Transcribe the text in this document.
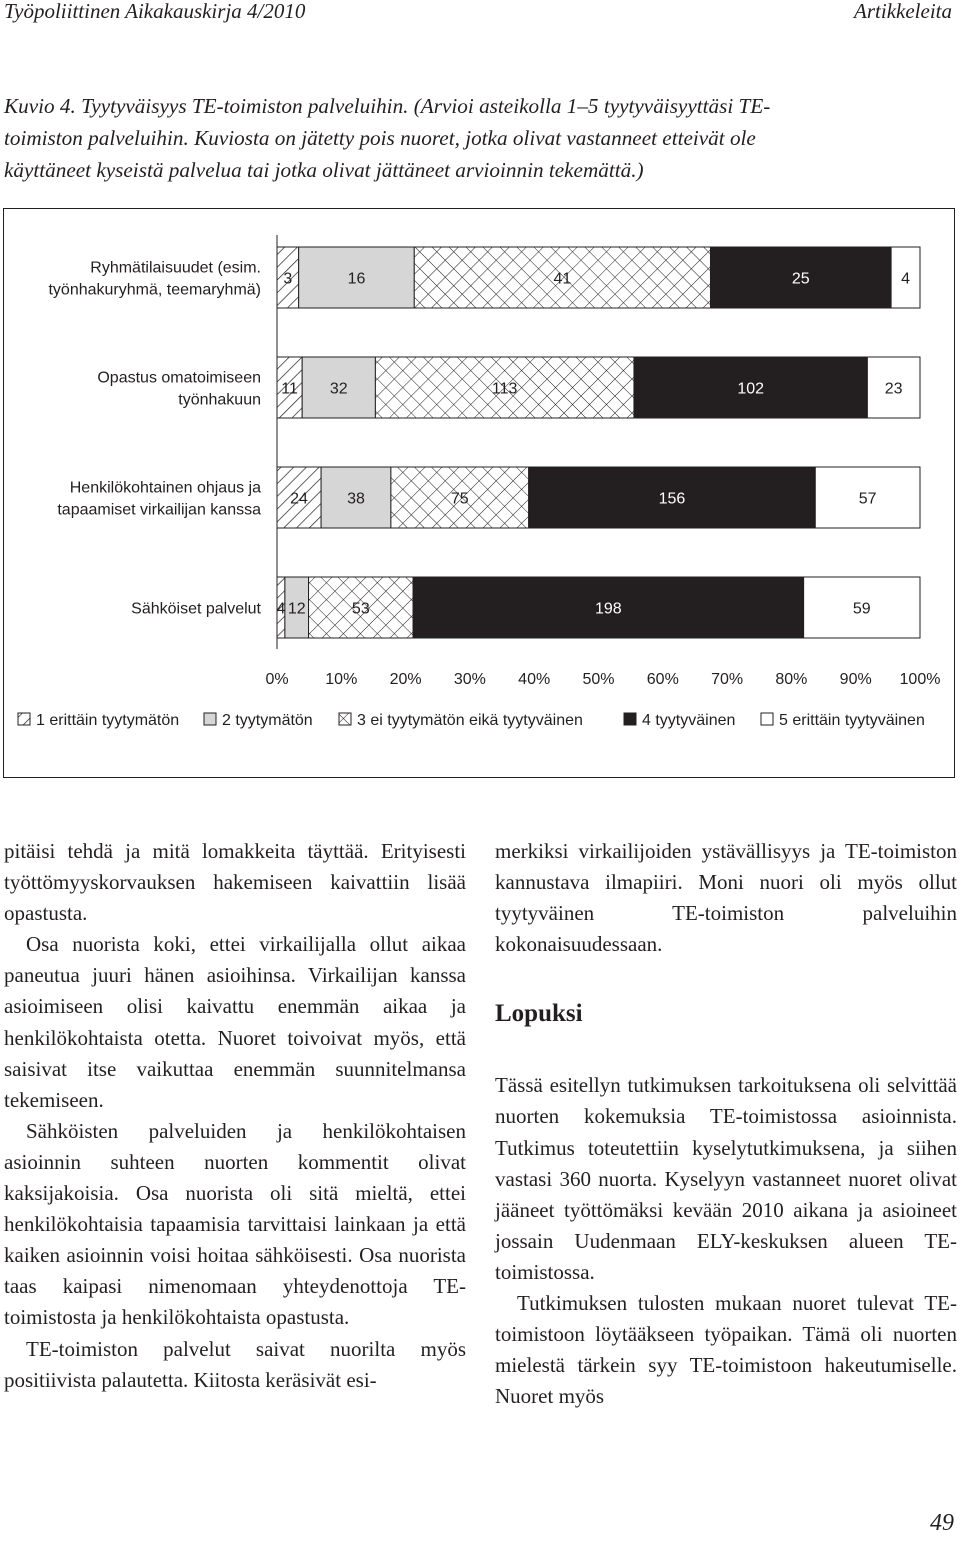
Työpoliittinen Aikakauskirja 4/2010	Artikkeleita
Kuvio 4. Tyytyväisyys TE-toimiston palveluihin. (Arvioi asteikolla 1–5 tyytyväisyyttäsi TE-
toimiston palveluihin. Kuviosta on jätetty pois nuoret, jotka olivat vastanneet etteivät ole
käyttäneet kyseistä palvelua tai jotka olivat jättäneet arvioinnin tekemättä.)
3	16	41	25	4
Ryhmätilaisuudet (esim.
työnhakuryhmä, teemaryhmä)
11 32	113	102	23
Opastus omatoimiseen
työnhakuun
24 38	75	156	57
Henkilökohtainen ohjaus ja
tapaamiset virkailijan kanssa
4 12	53	198	59
Sähköiset palvelut
0% 10% 20% 30% 40% 50% 60% 70% 80% 90% 100%
1 erittäin tyytymätön	2 tyytymätön	3 ei tyytymätön eikä tyytyväinen	4 tyytyväinen	5 erittäin tyytyväinen

pitäisi tehdä ja mitä lomakkeita täyttää. Erityisesti työttömyyskorvauksen hakemiseen kaivattiin lisää opastusta.

Osa nuorista koki, ettei virkailijalla ollut aikaa paneutua juuri hänen asioihinsa. Virkailijan kanssa asioimiseen olisi kaivattu enemmän aikaa ja henkilökohtaista otetta. Nuoret toivoivat myös, että saisivat itse vaikuttaa enemmän suunnitelmansa tekemiseen.

Sähköisten palveluiden ja henkilökohtaisen asioinnin suhteen nuorten kommentit olivat kaksijakoisia. Osa nuorista oli sitä mieltä, ettei henkilökohtaisia tapaamisia tarvittaisi lainkaan ja että kaiken asioinnin voisi hoitaa sähköisesti. Osa nuorista taas kaipasi nimenomaan yhteydenottoja TE-toimistosta ja henkilökohtaista opastusta.

TE-toimiston palvelut saivat nuorilta myös positiivista palautetta. Kiitosta keräsivät esi-

merkiksi virkailijoiden ystävällisyys ja TE-toimiston kannustava ilmapiiri. Moni nuori oli myös ollut tyytyväinen TE-toimiston palveluihin kokonaisuudessaan.

Lopuksi

Tässä esitellyn tutkimuksen tarkoituksena oli selvittää nuorten kokemuksia TE-toimistossa asioinnista. Tutkimus toteutettiin kyselytutkimuksena, ja siihen vastasi 360 nuorta. Kyselyyn vastanneet nuoret olivat jääneet työttömäksi kevään 2010 aikana ja asioineet jossain Uudenmaan ELY-keskuksen alueen TE-toimistossa.

Tutkimuksen tulosten mukaan nuoret tulevat TE-toimistoon löytääkseen työpaikan. Tämä oli nuorten mielestä tärkein syy TE-toimistoon hakeutumiselle. Nuoret myös

49
